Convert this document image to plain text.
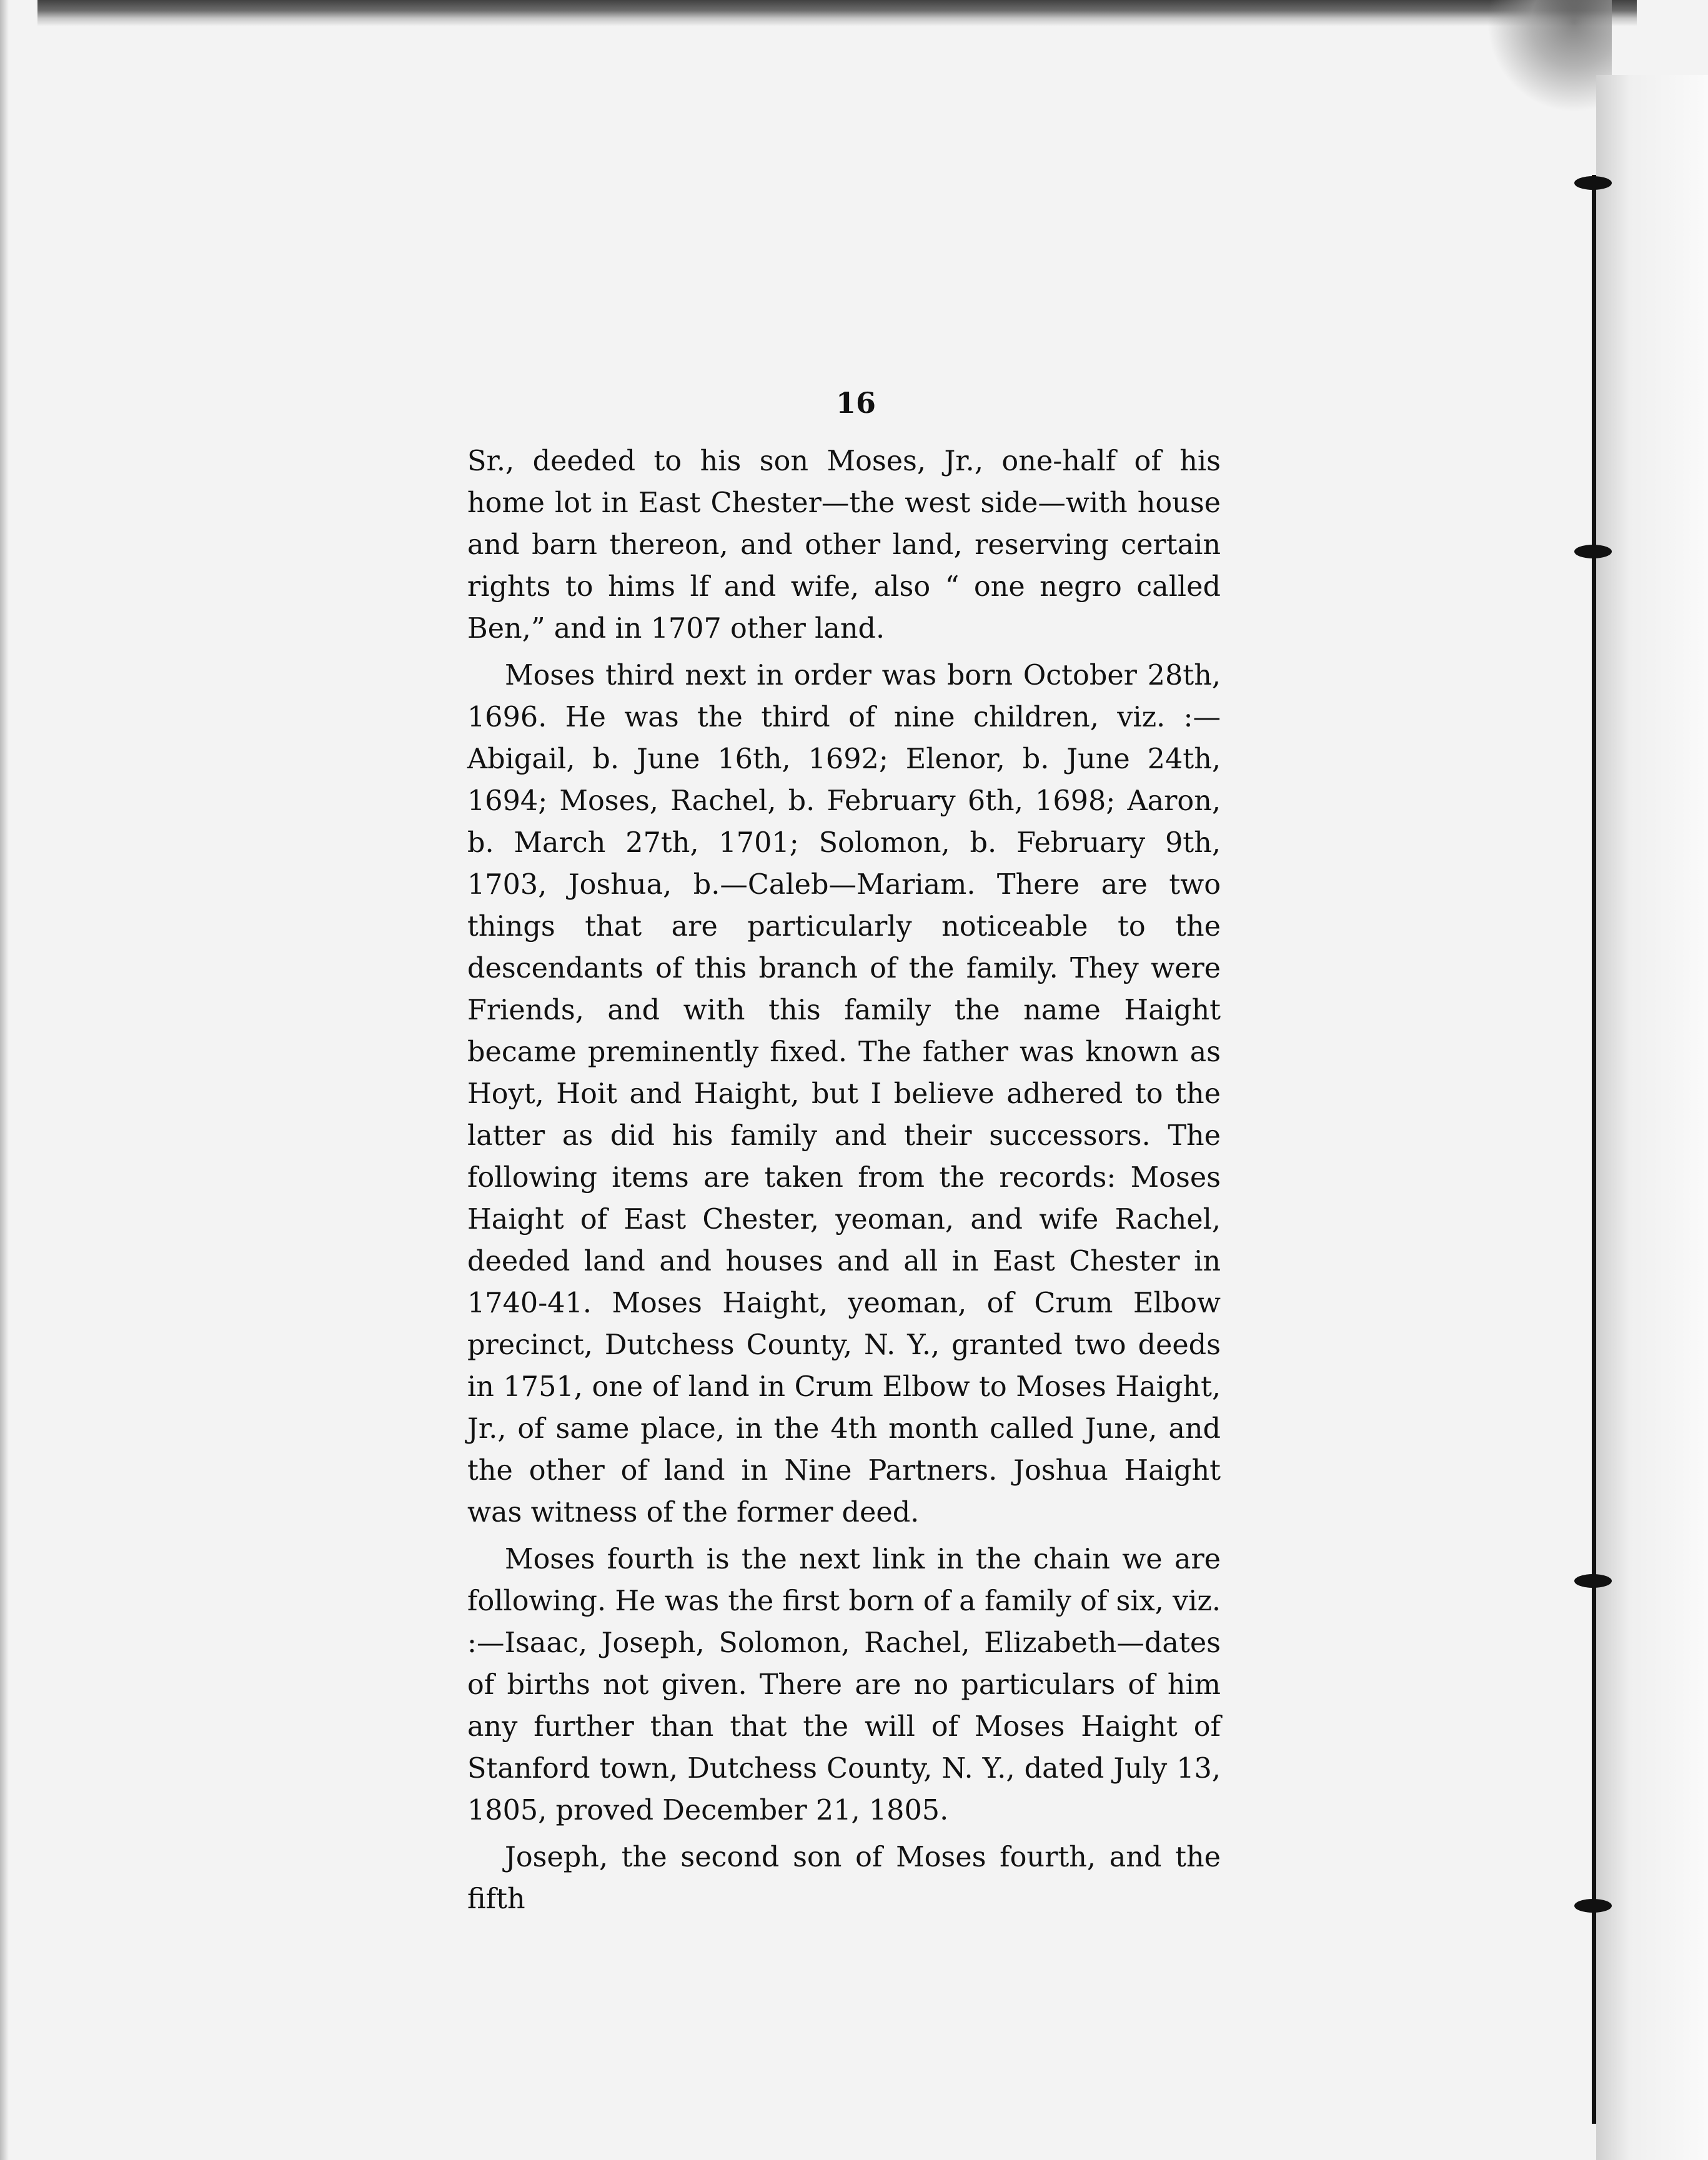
16

Sr., deeded to his son Moses, Jr., one-half of his home lot in East Chester—the west side—with house and barn thereon, and other land, reserving certain rights to hims lf and wife, also “ one negro called Ben,” and in 1707 other land.

Moses third next in order was born October 28th, 1696. He was the third of nine children, viz. :—Abigail, b. June 16th, 1692; Elenor, b. June 24th, 1694; Moses, Rachel, b. February 6th, 1698; Aaron, b. March 27th, 1701; Solomon, b. February 9th, 1703, Joshua, b.—Caleb—Mariam. There are two things that are particularly noticeable to the descendants of this branch of the family. They were Friends, and with this family the name Haight became preminently fixed. The father was known as Hoyt, Hoit and Haight, but I believe adhered to the latter as did his family and their successors. The following items are taken from the records: Moses Haight of East Chester, yeoman, and wife Rachel, deeded land and houses and all in East Chester in 1740-41. Moses Haight, yeoman, of Crum Elbow precinct, Dutchess County, N. Y., granted two deeds in 1751, one of land in Crum Elbow to Moses Haight, Jr., of same place, in the 4th month called June, and the other of land in Nine Partners. Joshua Haight was witness of the former deed.

Moses fourth is the next link in the chain we are following. He was the first born of a family of six, viz. :—Isaac, Joseph, Solomon, Rachel, Elizabeth—dates of births not given. There are no particulars of him any further than that the will of Moses Haight of Stanford town, Dutchess County, N. Y., dated July 13, 1805, proved December 21, 1805.

Joseph, the second son of Moses fourth, and the fifth
